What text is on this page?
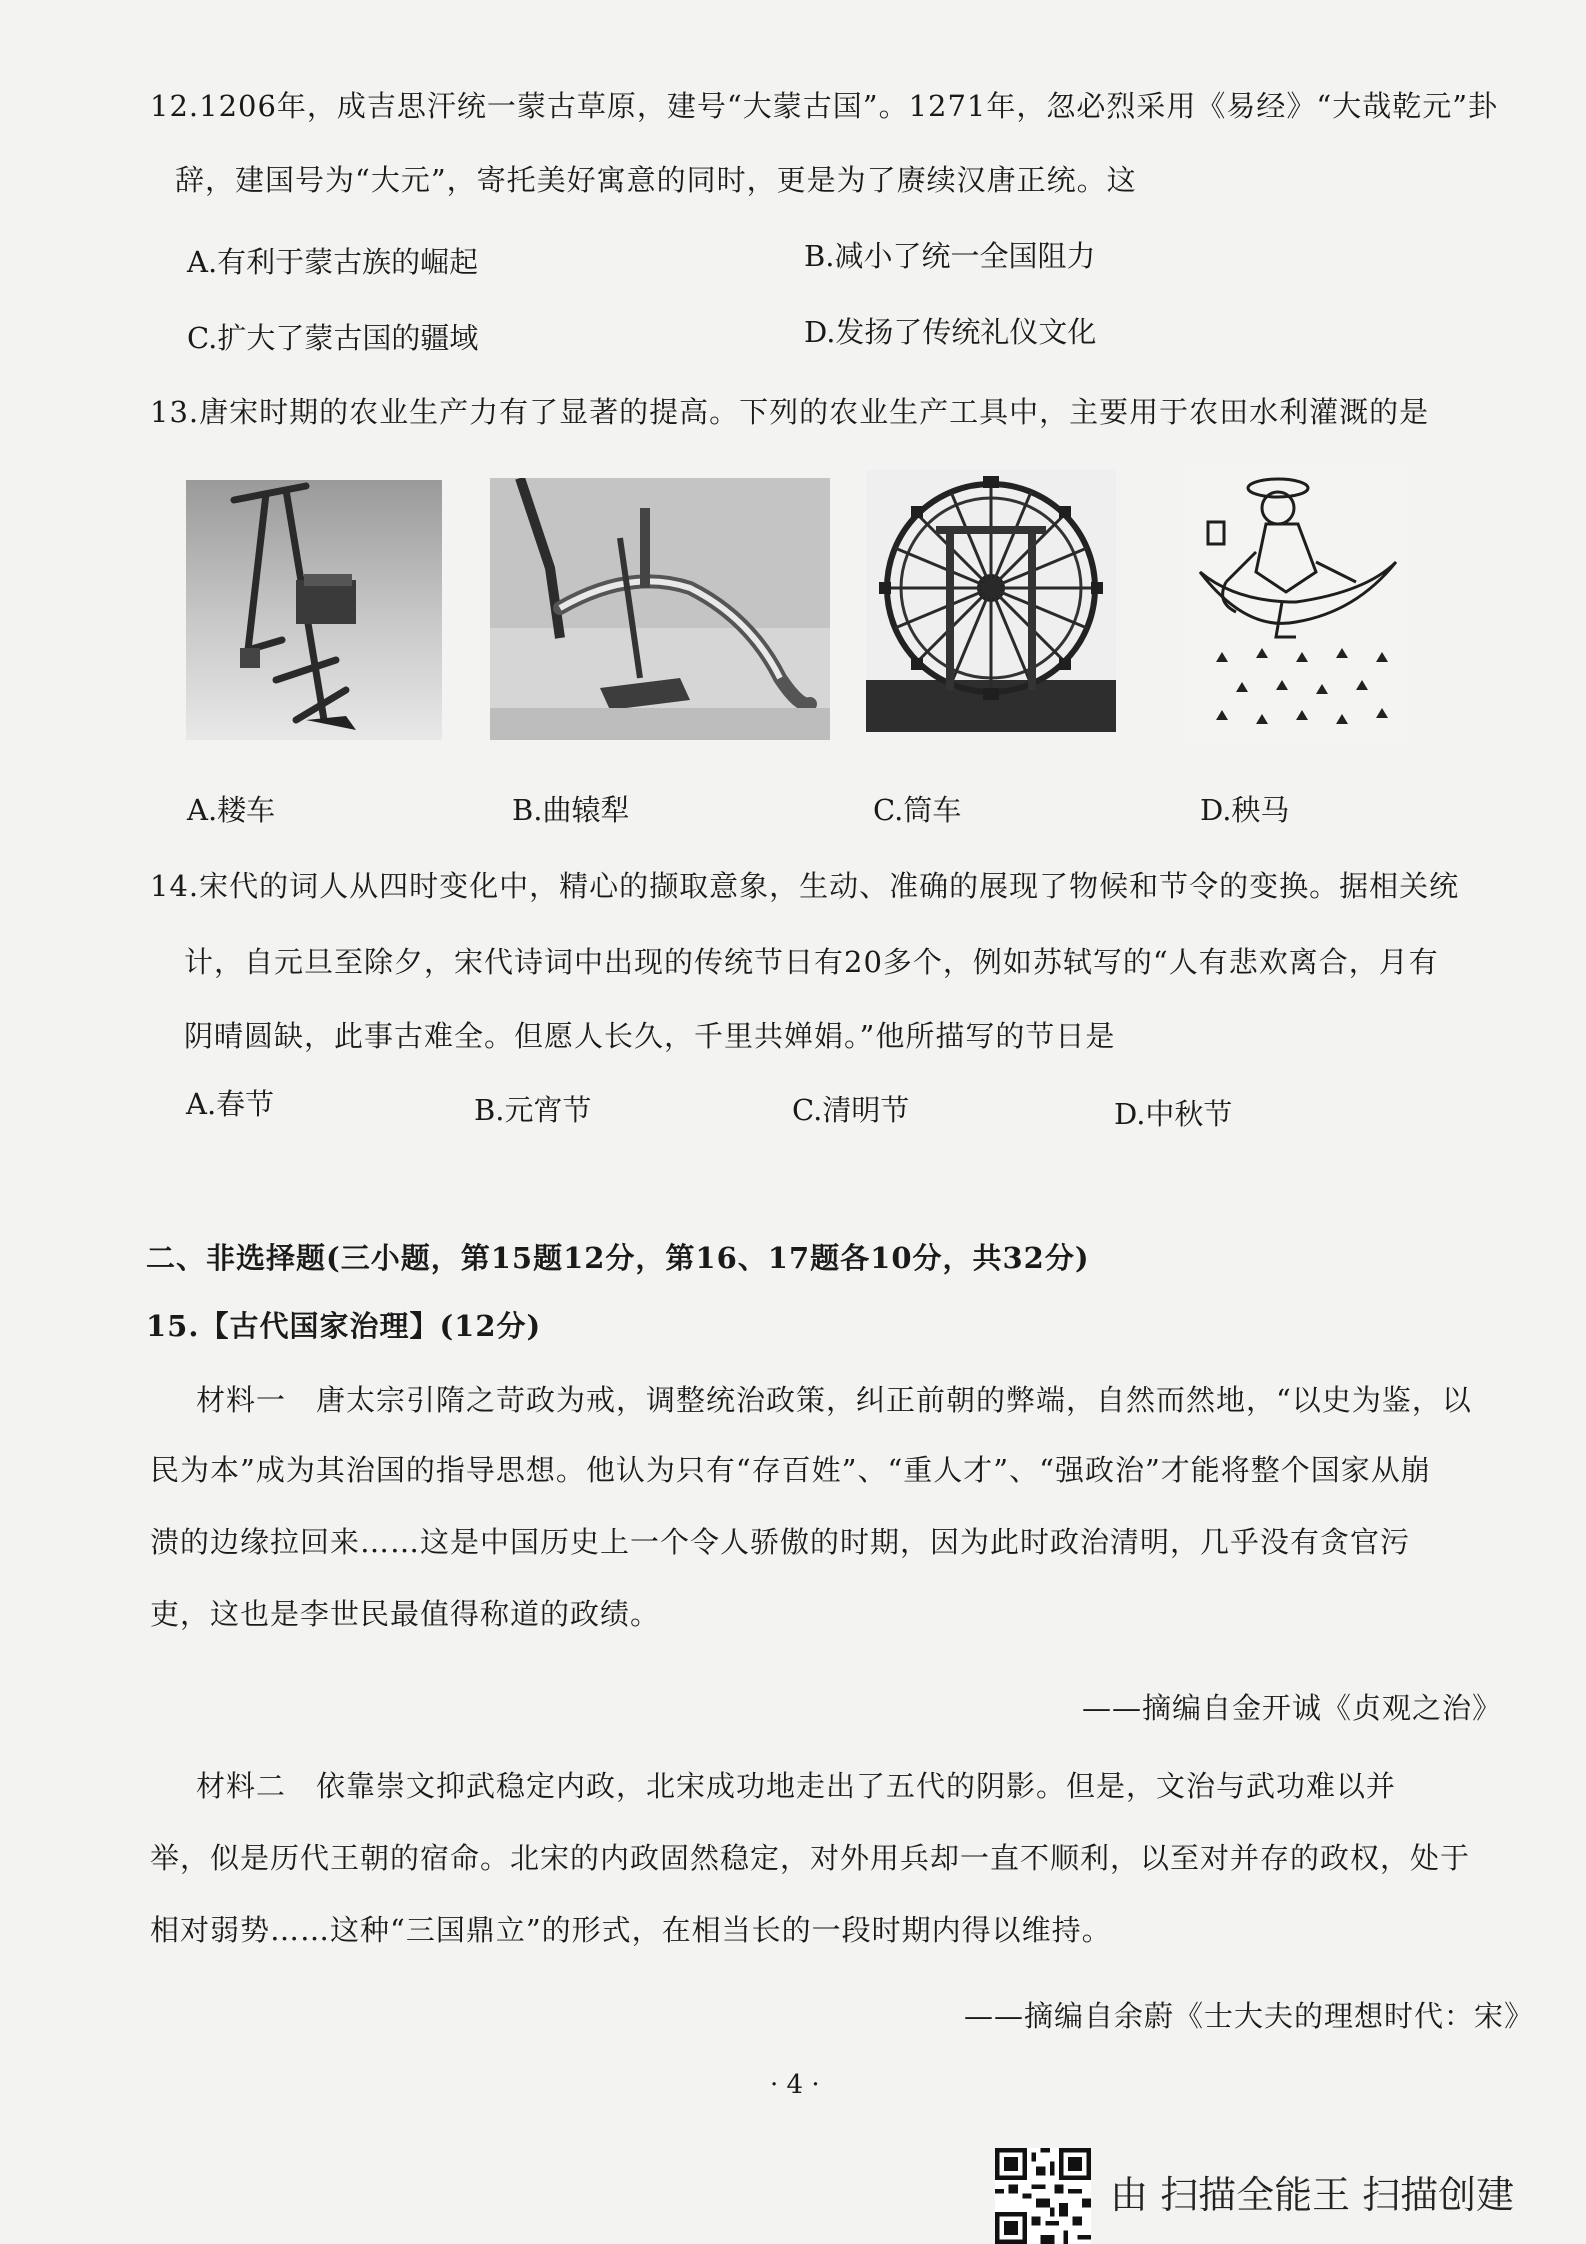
12.1206年，成吉思汗统一蒙古草原，建号“大蒙古国”。1271年，忽必烈采用《易经》“大哉乾元”卦
辞，建国号为“大元”，寄托美好寓意的同时，更是为了赓续汉唐正统。这
A.有利于蒙古族的崛起	B.减小了统一全国阻力
C.扩大了蒙古国的疆域	D.发扬了传统礼仪文化
13.唐宋时期的农业生产力有了显著的提高。下列的农业生产工具中，主要用于农田水利灌溉的是
A.耧车	B.曲辕犁	C.筒车	D.秧马
14.宋代的词人从四时变化中，精心的撷取意象，生动、准确的展现了物候和节令的变换。据相关统
计，自元旦至除夕，宋代诗词中出现的传统节日有20多个，例如苏轼写的“人有悲欢离合，月有
阴晴圆缺，此事古难全。但愿人长久，千里共婵娟。”他所描写的节日是
A.春节	B.元宵节	C.清明节	D.中秋节
二、非选择题(三小题，第15题12分，第16、17题各10分，共32分)
15.【古代国家治理】(12分)
材料一　唐太宗引隋之苛政为戒，调整统治政策，纠正前朝的弊端，自然而然地，“以史为鉴，以
民为本”成为其治国的指导思想。他认为只有“存百姓”、“重人才”、“强政治”才能将整个国家从崩
溃的边缘拉回来……这是中国历史上一个令人骄傲的时期，因为此时政治清明，几乎没有贪官污
吏，这也是李世民最值得称道的政绩。
——摘编自金开诚《贞观之治》
材料二　依靠崇文抑武稳定内政，北宋成功地走出了五代的阴影。但是，文治与武功难以并
举，似是历代王朝的宿命。北宋的内政固然稳定，对外用兵却一直不顺利，以至对并存的政权，处于
相对弱势……这种“三国鼎立”的形式，在相当长的一段时期内得以维持。
——摘编自余蔚《士大夫的理想时代：宋》
· 4 ·
由 扫描全能王 扫描创建
